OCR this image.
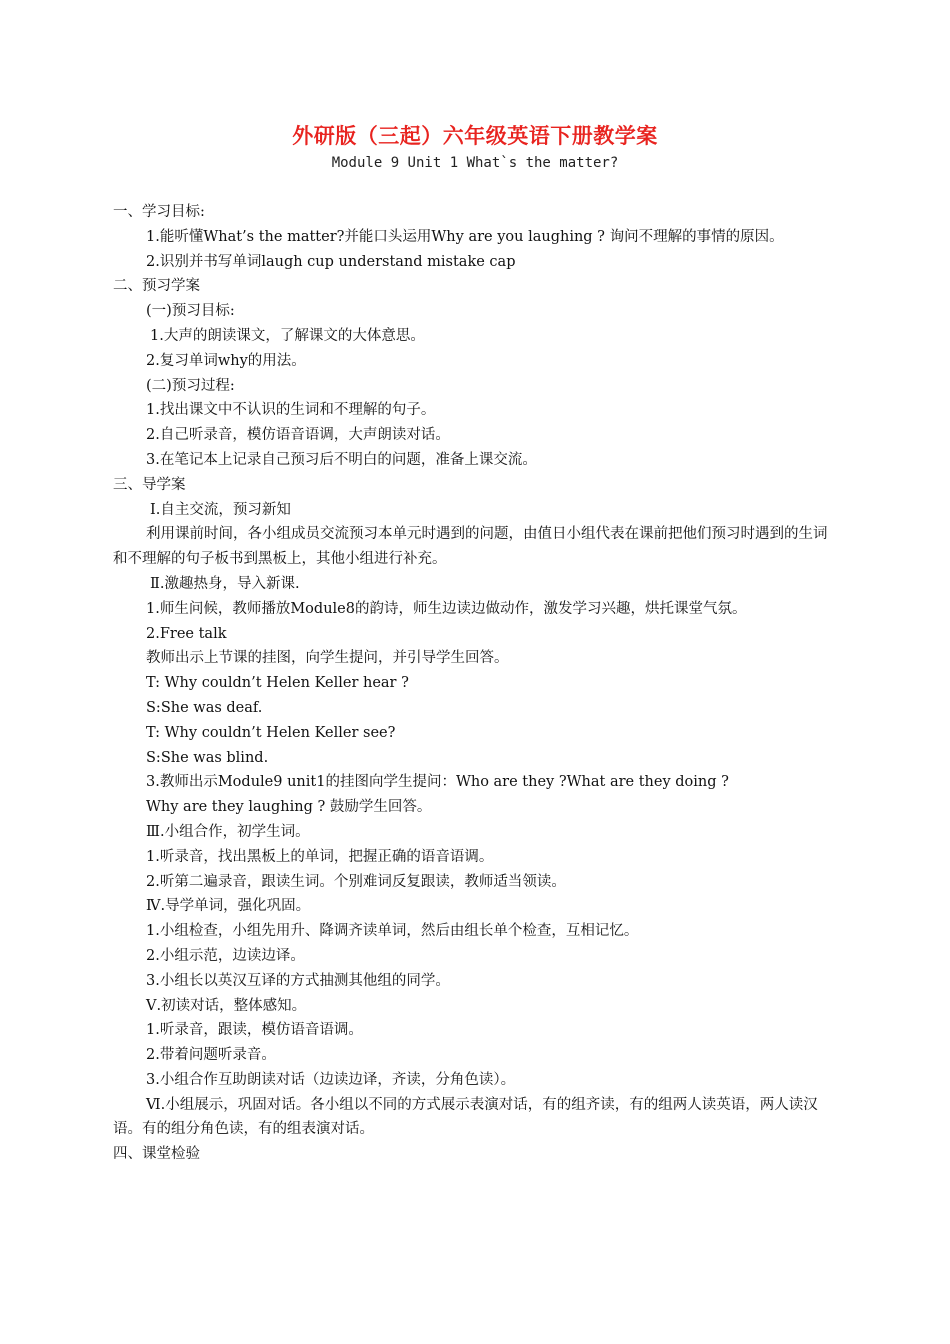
外研版（三起）六年级英语下册教学案
Module 9 Unit 1 What`s the matter?
一、学习目标:
1.能听懂What’s the matter?并能口头运用Why are you laughing ? 询问不理解的事情的原因。
2.识别并书写单词laugh cup understand mistake cap
二、预习学案
(一)预习目标:
1.大声的朗读课文，了解课文的大体意思。
2.复习单词why的用法。
(二)预习过程:
1.找出课文中不认识的生词和不理解的句子。
2.自己听录音，模仿语音语调，大声朗读对话。
3.在笔记本上记录自己预习后不明白的问题，准备上课交流。
三、导学案
Ⅰ.自主交流，预习新知
利用课前时间，各小组成员交流预习本单元时遇到的问题，由值日小组代表在课前把他们预习时遇到的生词和不理解的句子板书到黑板上，其他小组进行补充。
Ⅱ.激趣热身，导入新课.
1.师生问候，教师播放Module8的韵诗，师生边读边做动作，激发学习兴趣，烘托课堂气氛。
2.Free talk
教师出示上节课的挂图，向学生提问，并引导学生回答。
T: Why couldn’t Helen Keller hear ?
S:She was deaf.
T: Why couldn’t Helen Keller see?
S:She was blind.
3.教师出示Module9 unit1的挂图向学生提问：Who are they ?What are they doing ?
Why are they laughing ? 鼓励学生回答。
Ⅲ.小组合作，初学生词。
1.听录音，找出黑板上的单词，把握正确的语音语调。
2.听第二遍录音，跟读生词。个别难词反复跟读，教师适当领读。
Ⅳ.导学单词，强化巩固。
1.小组检查，小组先用升、降调齐读单词，然后由组长单个检查，互相记忆。
2.小组示范，边读边译。
3.小组长以英汉互译的方式抽测其他组的同学。
Ⅴ.初读对话，整体感知。
1.听录音，跟读，模仿语音语调。
2.带着问题听录音。
3.小组合作互助朗读对话（边读边译，齐读，分角色读）。
Ⅵ.小组展示，巩固对话。各小组以不同的方式展示表演对话，有的组齐读，有的组两人读英语，两人读汉语。有的组分角色读，有的组表演对话。
四、课堂检验
